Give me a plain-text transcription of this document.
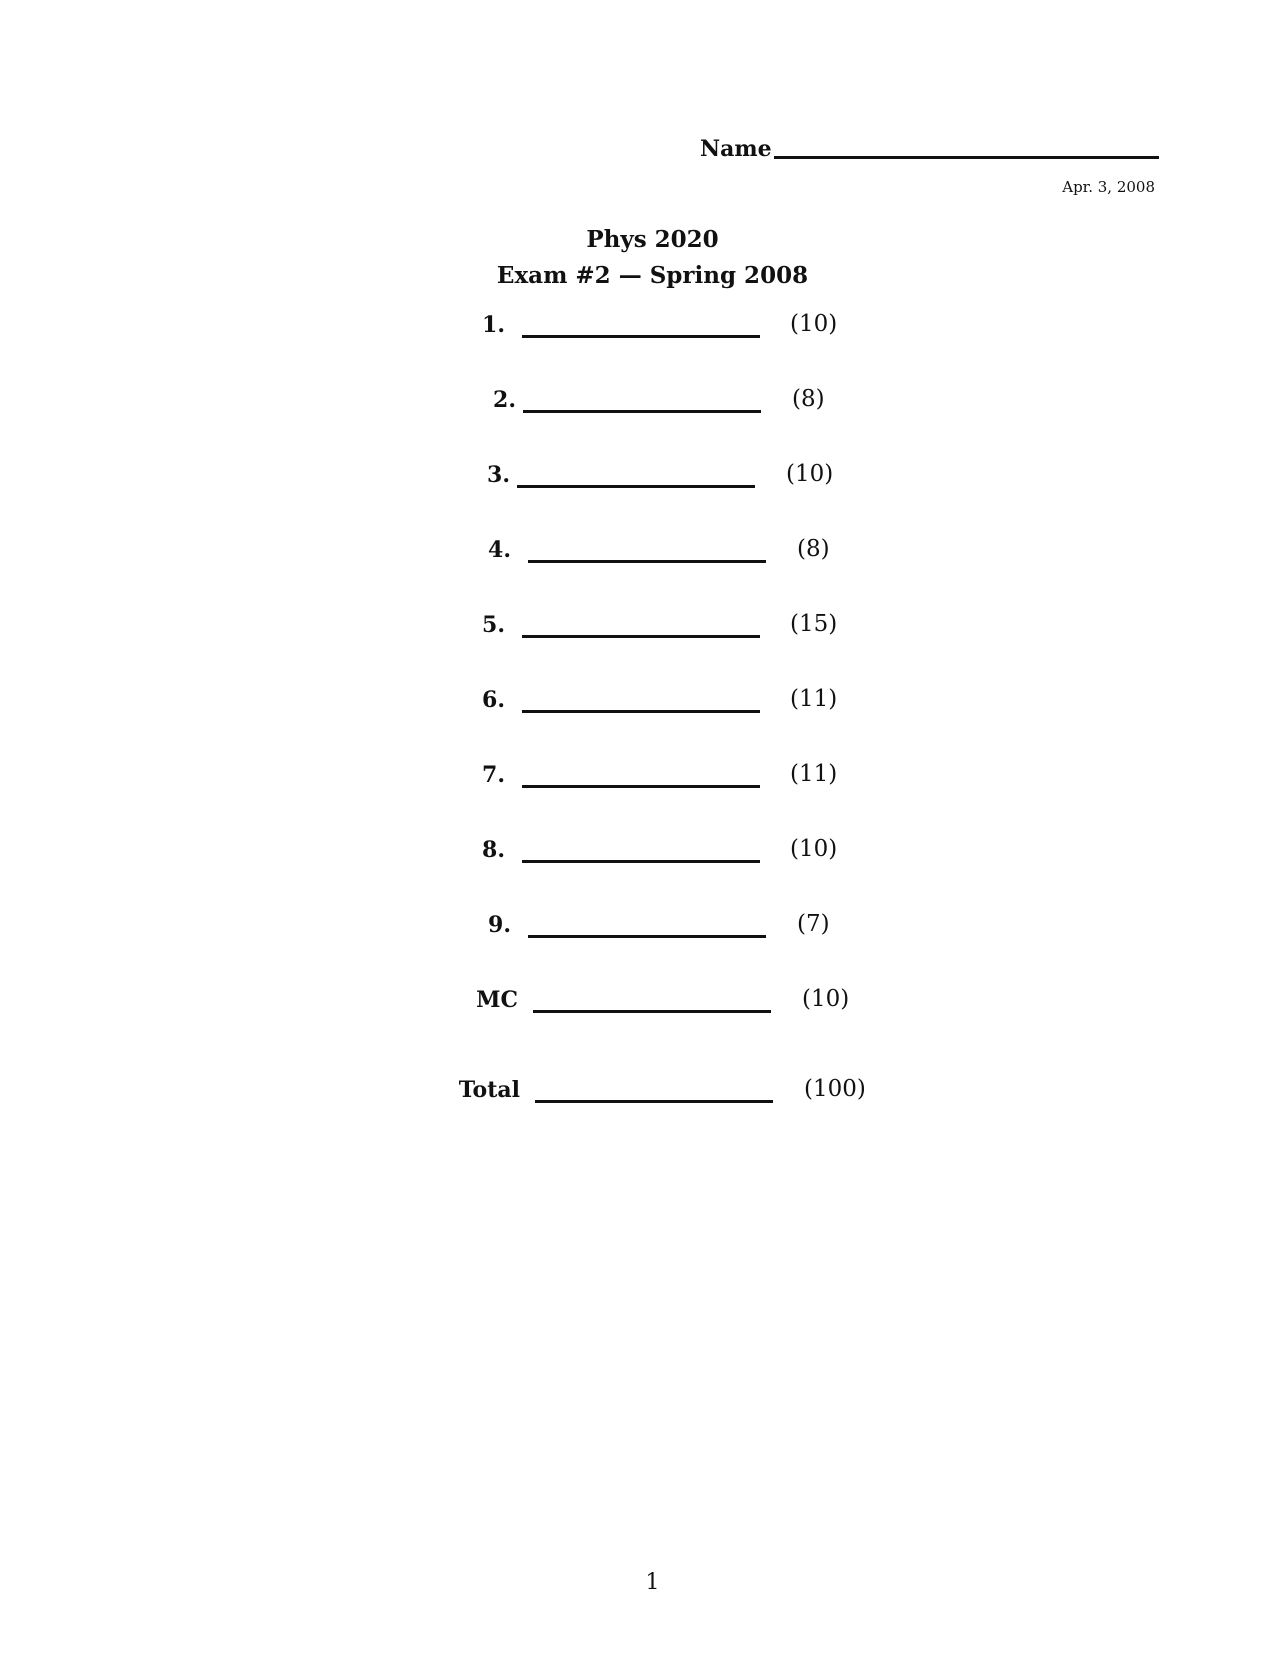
Name
Apr. 3, 2008
Phys 2020
Exam #2 — Spring 2008
1.	(10)
2.	(8)
3.	(10)
4.	(8)
5.	(15)
6.	(11)
7.	(11)
8.	(10)
9.	(7)
MC	(10)
Total	(100)
1
